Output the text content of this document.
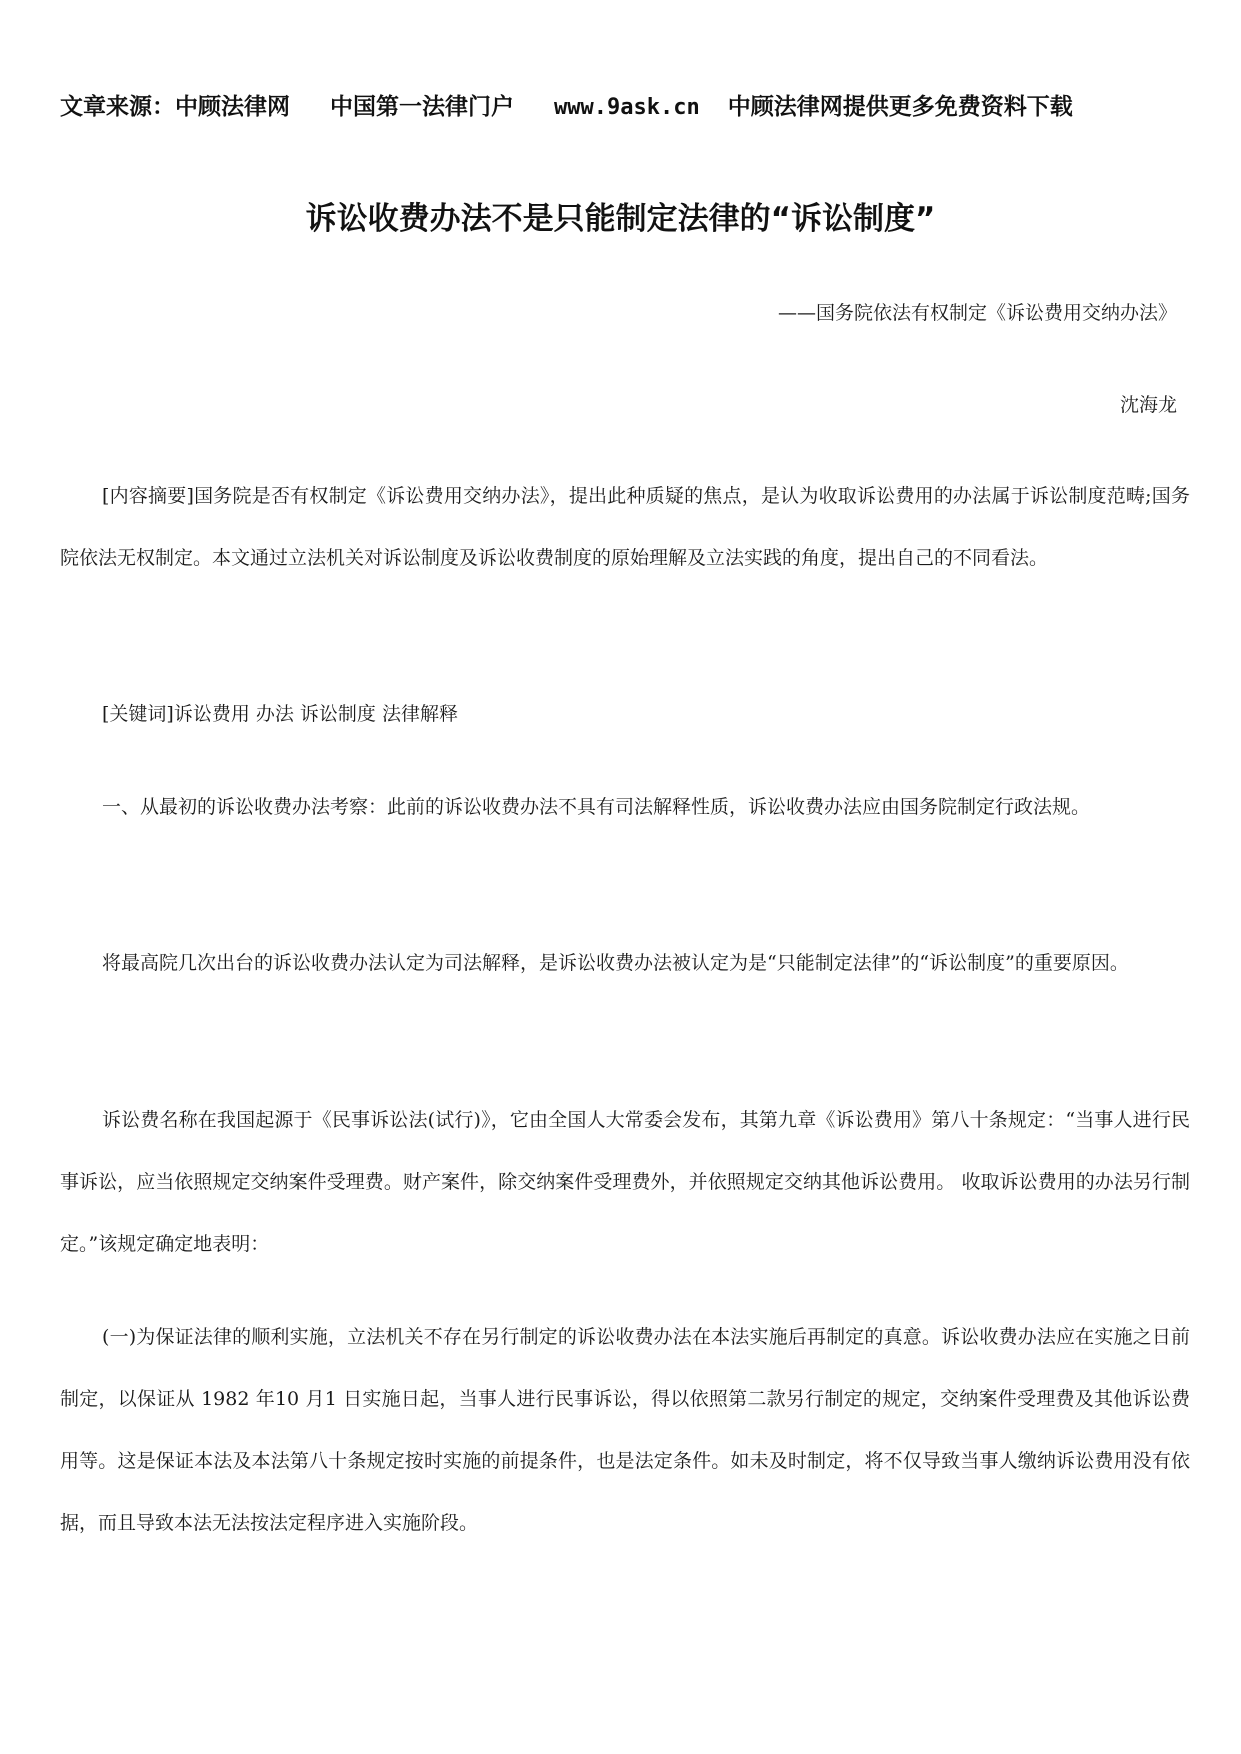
文章来源：中顾法律网 中国第一法律门户 www.9ask.cn 中顾法律网提供更多免费资料下载
诉讼收费办法不是只能制定法律的“诉讼制度”
——国务院依法有权制定《诉讼费用交纳办法》
沈海龙

[内容摘要]国务院是否有权制定《诉讼费用交纳办法》，提出此种质疑的焦点，是认为收取诉讼费用的办法属于诉讼制度范畴;国务院依法无权制定。本文通过立法机关对诉讼制度及诉讼收费制度的原始理解及立法实践的角度，提出自己的不同看法。

[关键词]诉讼费用 办法 诉讼制度 法律解释

一、从最初的诉讼收费办法考察：此前的诉讼收费办法不具有司法解释性质，诉讼收费办法应由国务院制定行政法规。

将最高院几次出台的诉讼收费办法认定为司法解释，是诉讼收费办法被认定为是“只能制定法律”的“诉讼制度”的重要原因。

诉讼费名称在我国起源于《民事诉讼法(试行)》，它由全国人大常委会发布，其第九章《诉讼费用》第八十条规定：“当事人进行民事诉讼，应当依照规定交纳案件受理费。财产案件，除交纳案件受理费外，并依照规定交纳其他诉讼费用。 收取诉讼费用的办法另行制定。”该规定确定地表明：

(一)为保证法律的顺利实施，立法机关不存在另行制定的诉讼收费办法在本法实施后再制定的真意。诉讼收费办法应在实施之日前制定，以保证从 1982 年10 月1 日实施日起，当事人进行民事诉讼，得以依照第二款另行制定的规定，交纳案件受理费及其他诉讼费用等。这是保证本法及本法第八十条规定按时实施的前提条件，也是法定条件。如未及时制定，将不仅导致当事人缴纳诉讼费用没有依据，而且导致本法无法按法定程序进入实施阶段。
